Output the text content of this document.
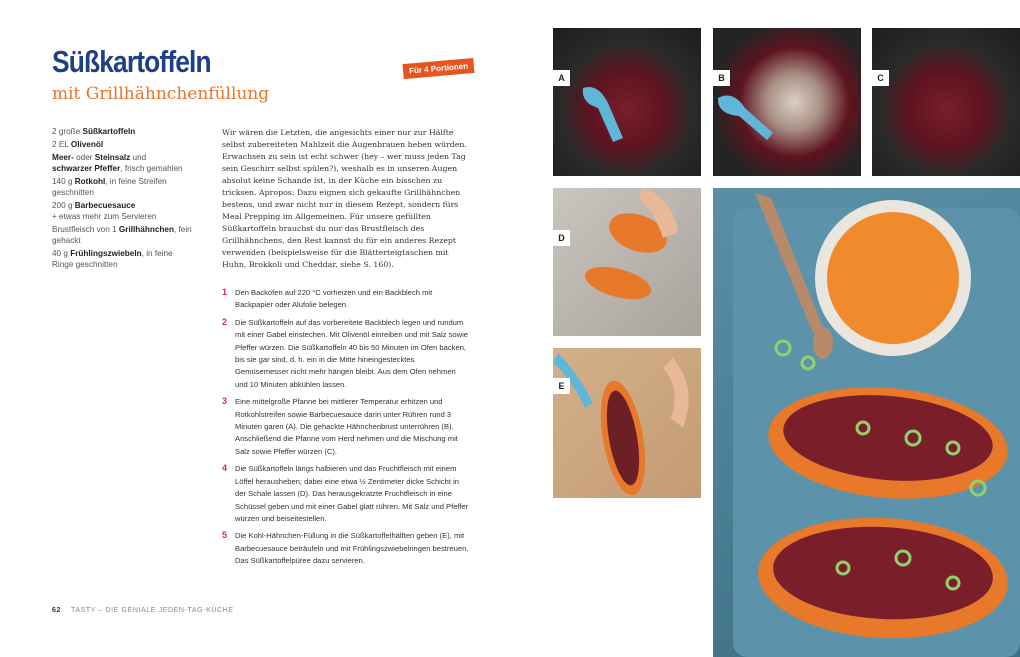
Süßkartoffeln
mit Grillhähnchenfüllung
Für 4 Portionen
2 große Süßkartoffeln
2 EL Olivenöl
Meer- oder Steinsalz und
schwarzer Pfeffer, frisch gemahlen
140 g Rotkohl, in feine Streifen geschnitten
200 g Barbecuesauce
+ etwas mehr zum Servieren
Brustfleisch von 1 Grillhähnchen, fein gehackt
40 g Frühlingszwiebeln, in feine Ringe geschnitten
Wir wären die Letzten, die angesichts einer nur zur Hälfte selbst zubereiteten Mahlzeit die Augenbrauen heben würden. Erwachsen zu sein ist echt schwer (hey – wer muss jeden Tag sein Geschirr selbst spülen?), weshalb es in unseren Augen absolut keine Schande ist, in der Küche ein bisschen zu tricksen. Apropos: Dazu eignen sich gekaufte Grillhähnchen bestens, und zwar nicht nur in diesem Rezept, sondern fürs Meal Prepping im Allgemeinen. Für unsere gefüllten Süßkartoffeln brauchst du nur das Brustfleisch des Grillhähnchens, den Rest kannst du für ein anderes Rezept verwenden (beispielsweise für die Blätterteigtaschen mit Huhn, Brokkoli und Cheddar, siehe S. 160).
1 Den Backofen auf 220 °C vorheizen und ein Backblech mit Backpapier oder Alufolie belegen.
2 Die Süßkartoffeln auf das vorbereitete Backblech legen und rundum mit einer Gabel einstechen. Mit Olivenöl einreiben und mit Salz sowie Pfeffer würzen. Die Süßkartoffeln 40 bis 50 Minuten im Ofen backen, bis sie gar sind, d. h. ein in die Mitte hineingestecktes Gemüsemesser nicht mehr hängen bleibt. Aus dem Ofen nehmen und 10 Minuten abkühlen lassen.
3 Eine mittelgroße Pfanne bei mittlerer Temperatur erhitzen und Rotkohlstreifen sowie Barbecuesauce darin unter Rühren rund 3 Minuten garen (A). Die gehackte Hähnchenbrust unterrühren (B). Anschließend die Pfanne vom Herd nehmen und die Mischung mit Salz sowie Pfeffer würzen (C).
4 Die Süßkartoffeln längs halbieren und das Fruchtfleisch mit einem Löffel herausheben; dabei eine etwa ½ Zentimeter dicke Schicht in der Schale lassen (D). Das herausgekratzte Fruchtfleisch in eine Schüssel geben und mit einer Gabel glatt rühren. Mit Salz und Pfeffer würzen und beiseitestellen.
5 Die Kohl-Hähnchen-Füllung in die Süßkartoffelhälften geben (E), mit Barbecuesauce beträufeln und mit Frühlingszwiebelringen bestreuen. Das Süßkartoffelpüree dazu servieren.
62 TASTY – DIE GENIALE JEDEN-TAG-KÜCHE
A	B	C
D
E
